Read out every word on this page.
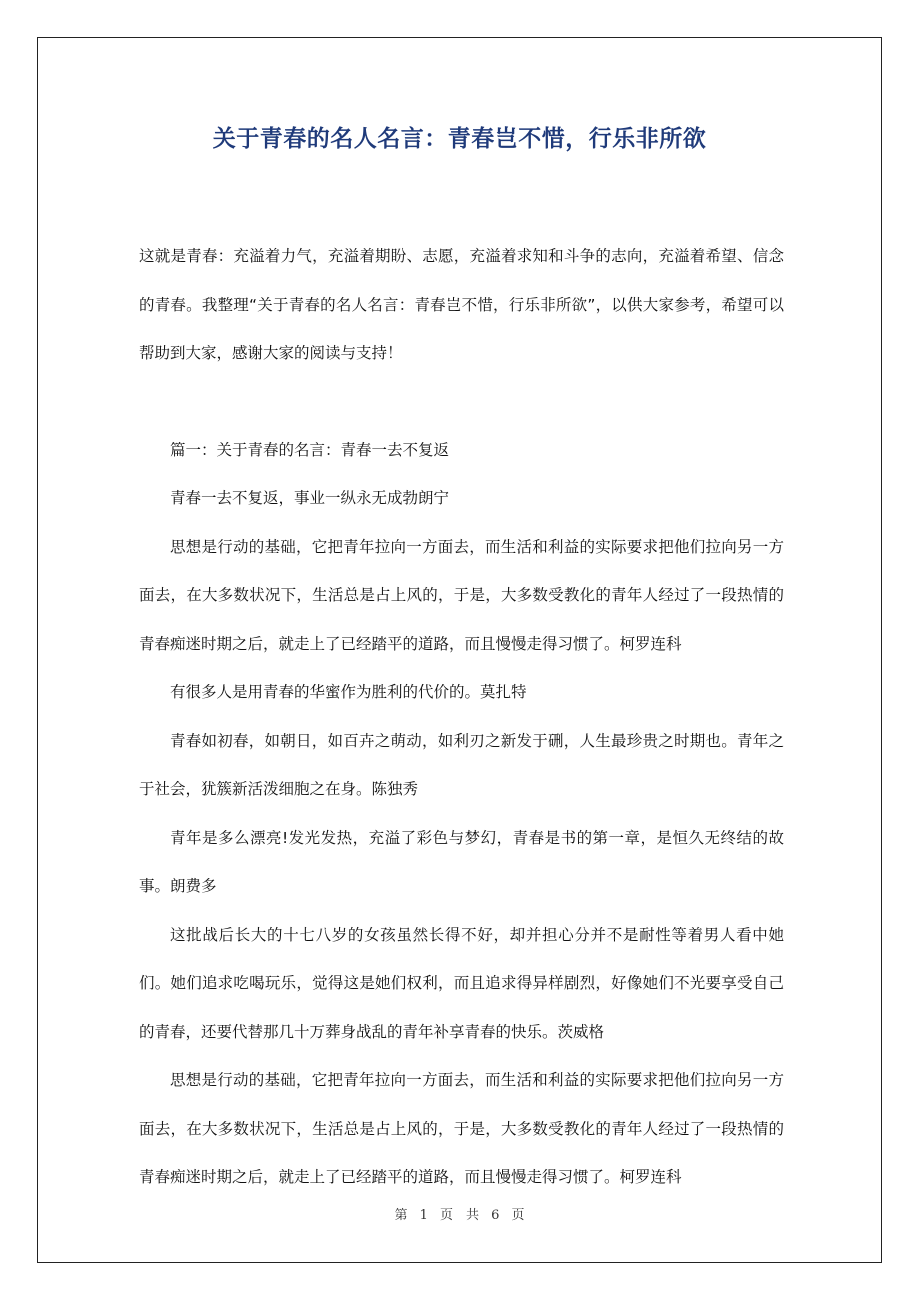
关于青春的名人名言：青春岂不惜，行乐非所欲

这就是青春：充溢着力气，充溢着期盼、志愿，充溢着求知和斗争的志向，充溢着希望、信念的青春。我整理“关于青春的名人名言：青春岂不惜，行乐非所欲”，以供大家参考，希望可以帮助到大家，感谢大家的阅读与支持！

篇一：关于青春的名言：青春一去不复返

青春一去不复返，事业一纵永无成勃朗宁

思想是行动的基础，它把青年拉向一方面去，而生活和利益的实际要求把他们拉向另一方面去，在大多数状况下，生活总是占上风的，于是，大多数受教化的青年人经过了一段热情的青春痴迷时期之后，就走上了已经踏平的道路，而且慢慢走得习惯了。柯罗连科

有很多人是用青春的华蜜作为胜利的代价的。莫扎特

青春如初春，如朝日，如百卉之萌动，如利刃之新发于硎，人生最珍贵之时期也。青年之于社会，犹簇新活泼细胞之在身。陈独秀

青年是多么漂亮!发光发热，充溢了彩色与梦幻，青春是书的第一章，是恒久无终结的故事。朗费多

这批战后长大的十七八岁的女孩虽然长得不好，却并担心分并不是耐性等着男人看中她们。她们追求吃喝玩乐，觉得这是她们权利，而且追求得异样剧烈，好像她们不光要享受自己的青春，还要代替那几十万葬身战乱的青年补享青春的快乐。茨威格

思想是行动的基础，它把青年拉向一方面去，而生活和利益的实际要求把他们拉向另一方面去，在大多数状况下，生活总是占上风的，于是，大多数受教化的青年人经过了一段热情的青春痴迷时期之后，就走上了已经踏平的道路，而且慢慢走得习惯了。柯罗连科

第 1 页　共 6 页
